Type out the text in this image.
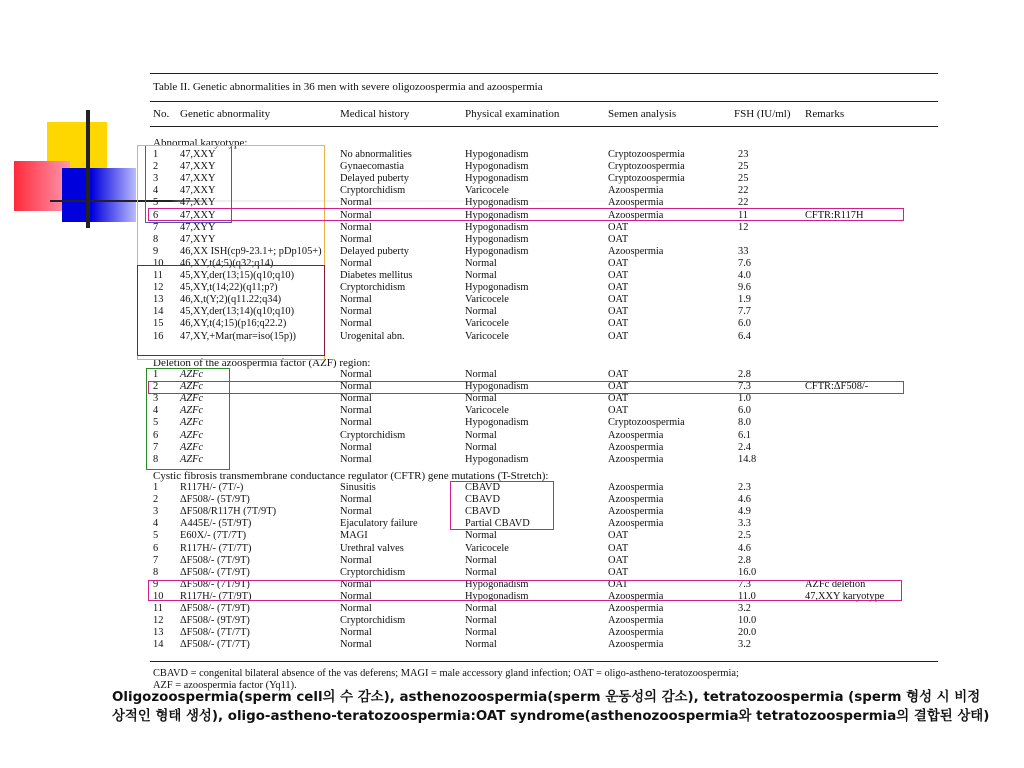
Table II. Genetic abnormalities in 36 men with severe oligozoospermia and azoospermia
No. Genetic abnormality	Medical history	Physical examination	Semen analysis	FSH (IU/ml) Remarks
Abnormal karyotype:
1 47,XXY	No abnormalities	Hypogonadism	Cryptozoospermia	23
2 47,XXY	Gynaecomastia	Hypogonadism	Cryptozoospermia	25
3 47,XXY	Delayed puberty	Hypogonadism	Cryptozoospermia	25
4 47,XXY	Cryptorchidism	Varicocele	Azoospermia	22
5 47,XXY	Normal	Hypogonadism	Azoospermia	22
6 47,XXY	Normal	Hypogonadism	Azoospermia	11	CFTR:R117H
7 47,XYY	Normal	Hypogonadism	OAT	12
8 47,XYY	Normal	Hypogonadism	OAT
9 46,XX ISH(cp9-23.1+; pDp105+) Delayed puberty	Hypogonadism	Azoospermia	33
10 46,XY,t(4;5)(q32;q14)	Normal	Normal	OAT	7.6
11 45,XY,der(13;15)(q10;q10)	Diabetes mellitus	Normal	OAT	4.0
12 45,XY,t(14;22)(q11;p?)	Cryptorchidism	Hypogonadism	OAT	9.6
13 46,X,t(Y;2)(q11.22;q34)	Normal	Varicocele	OAT	1.9
14 45,XY,der(13;14)(q10;q10)	Normal	Normal	OAT	7.7
15 46,XY,t(4;15)(p16;q22.2)	Normal	Varicocele	OAT	6.0
16 47,XY,+Mar(mar=iso(15p))	Urogenital abn.	Varicocele	OAT	6.4
Deletion of the azoospermia factor (AZF) region:
1 AZFc	Normal	Normal	OAT	2.8
2 AZFc	Normal	Hypogonadism	OAT	7.3	CFTR:ΔF508/-
3 AZFc	Normal	Normal	OAT	1.0
4 AZFc	Normal	Varicocele	OAT	6.0
5 AZFc	Normal	Hypogonadism	Cryptozoospermia	8.0
6 AZFc	Cryptorchidism	Normal	Azoospermia	6.1
7 AZFc	Normal	Normal	Azoospermia	2.4
8 AZFc	Normal	Hypogonadism	Azoospermia	14.8
Cystic fibrosis transmembrane conductance regulator (CFTR) gene mutations (T-Stretch):
1 R117H/- (7T/-)	Sinusitis	CBAVD	Azoospermia	2.3
2 ΔF508/- (5T/9T)	Normal	CBAVD	Azoospermia	4.6
3 ΔF508/R117H (7T/9T)	Normal	CBAVD	Azoospermia	4.9
4 A445E/- (5T/9T)	Ejaculatory failure	Partial CBAVD	Azoospermia	3.3
5 E60X/- (7T/7T)	MAGI	Normal	OAT	2.5
6 R117H/- (7T/7T)	Urethral valves	Varicocele	OAT	4.6
7 ΔF508/- (7T/9T)	Normal	Normal	OAT	2.8
8 ΔF508/- (7T/9T)	Cryptorchidism	Normal	OAT	16.0
9 ΔF508/- (7T/9T)	Normal	Hypogonadism	OAT	7.3	AZFc deletion
10 R117H/- (7T/9T)	Normal	Hypogonadism	Azoospermia	11.0	47,XXY karyotype
11 ΔF508/- (7T/9T)	Normal	Normal	Azoospermia	3.2
12 ΔF508/- (9T/9T)	Cryptorchidism	Normal	Azoospermia	10.0
13 ΔF508/- (7T/7T)	Normal	Normal	Azoospermia	20.0
14 ΔF508/- (7T/7T)	Normal	Normal	Azoospermia	3.2
CBAVD = congenital bilateral absence of the vas deferens; MAGI = male accessory gland infection; OAT = oligo-astheno-teratozoospermia;
AZF = azoospermia factor (Yq11).
Oligozoospermia(sperm cell의 수 감소), asthenozoospermia(sperm 운동성의 감소), tetratozoospermia (sperm 형성 시 비정상적인 형태 생성), oligo-astheno-teratozoospermia:OAT syndrome(asthenozoospermia와 tetratozoospermia의 결합된 상태)
